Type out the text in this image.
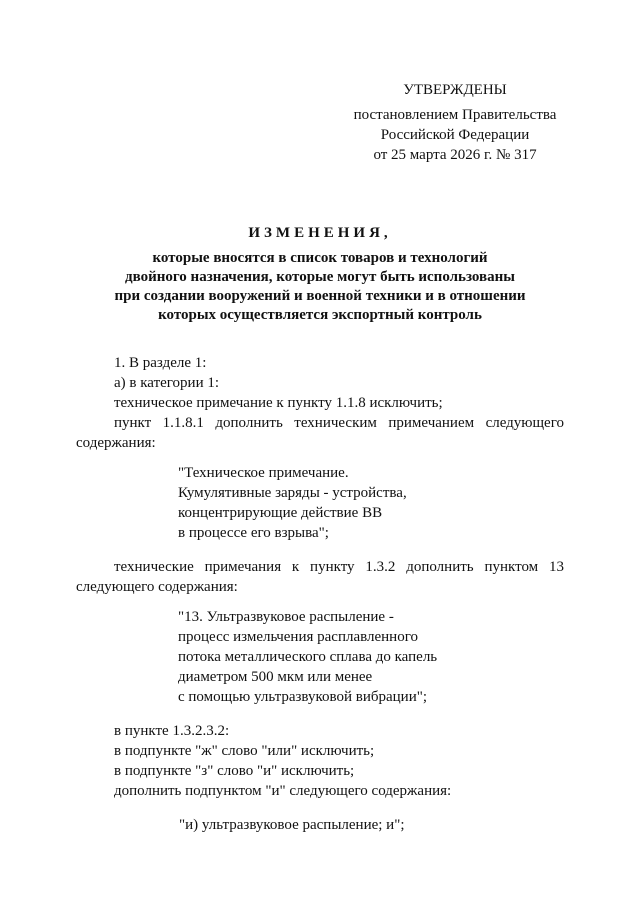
УТВЕРЖДЕНЫ
постановлением Правительства
Российской Федерации
от 25 марта 2026 г. № 317
ИЗМЕНЕНИЯ,
которые вносятся в список товаров и технологий
двойного назначения, которые могут быть использованы
при создании вооружений и военной техники и в отношении
которых осуществляется экспортный контроль

1. В разделе 1:

а) в категории 1:

техническое примечание к пункту 1.1.8 исключить;

пункт 1.1.8.1 дополнить техническим примечанием следующего

содержания:

"Техническое примечание.
Кумулятивные заряды - устройства,
концентрирующие действие ВВ
в процессе его взрыва";

технические примечания к пункту 1.3.2 дополнить пунктом 13

следующего содержания:

"13. Ультразвуковое распыление -
процесс измельчения расплавленного
потока металлического сплава до капель
диаметром 500 мкм или менее
с помощью ультразвуковой вибрации";

в пункте 1.3.2.3.2:

в подпункте "ж" слово "или" исключить;

в подпункте "з" слово "и" исключить;

дополнить подпунктом "и" следующего содержания:

"и) ультразвуковое распыление; и";
